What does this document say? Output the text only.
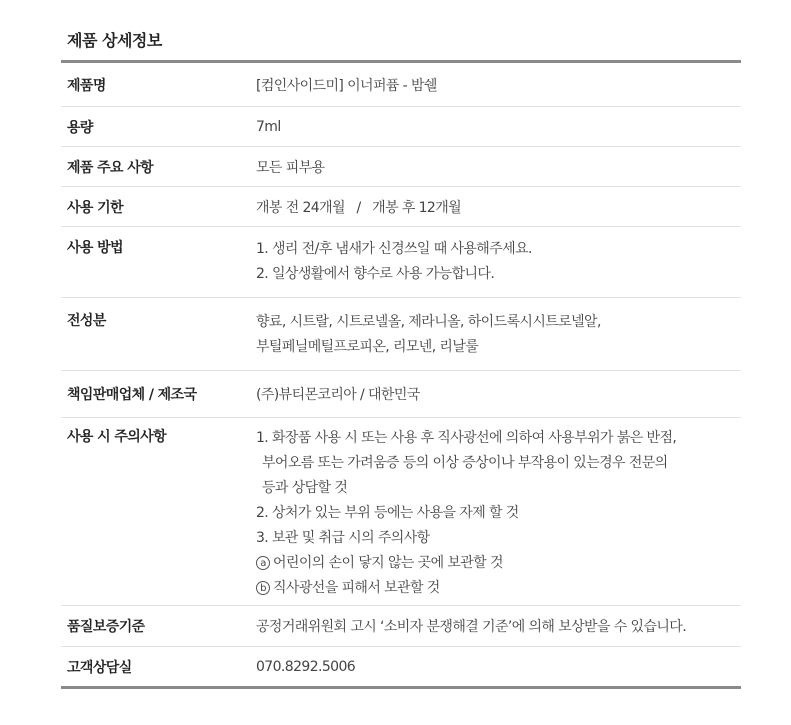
제품 상세정보
제품명	[컴인사이드미] 이너퍼퓸 - 밤쉘
용량	7ml
제품 주요 사항	모든 피부용
사용 기한	개봉 전 24개월   /   개봉 후 12개월
사용 방법	1. 생리 전/후 냄새가 신경쓰일 때 사용해주세요.
2. 일상생활에서 향수로 사용 가능합니다.
전성분	향료, 시트랄, 시트로넬올, 제라니올, 하이드록시시트로넬알,
부틸페닐메틸프로피온, 리모넨, 리날룰
책임판매업체 / 제조국	(주)뷰티몬코리아 / 대한민국
사용 시 주의사항	1. 화장품 사용 시 또는 사용 후 직사광선에 의하여 사용부위가 붉은 반점,
부어오름 또는 가려움증 등의 이상 증상이나 부작용이 있는경우 전문의
등과 상담할 것
2. 상처가 있는 부위 등에는 사용을 자제 할 것
3. 보관 및 취급 시의 주의사항
a 어린이의 손이 닿지 않는 곳에 보관할 것
b 직사광선을 피해서 보관할 것
품질보증기준	공정거래위원회 고시 ‘소비자 분쟁해결 기준’에 의해 보상받을 수 있습니다.
고객상담실	070.8292.5006
